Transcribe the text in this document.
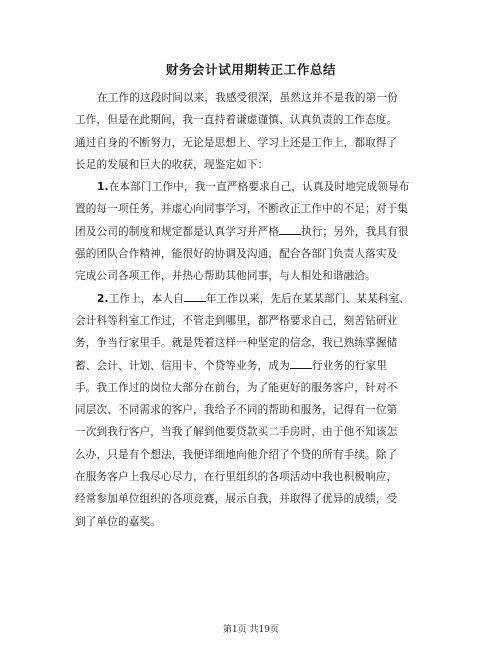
财务会计试用期转正工作总结
在工作的这段时间以来，我感受很深，虽然这并不是我的第一份
工作，但是在此期间，我一直持着谦虚谨慎、认真负责的工作态度。
通过自身的不断努力，无论是思想上、学习上还是工作上，都取得了
长足的发展和巨大的收获，现鉴定如下：
1.在本部门工作中，我一直严格要求自己，认真及时地完成领导布
置的每一项任务，并虚心向同事学习，不断改正工作中的不足；对于集
团及公司的制度和规定都是认真学习并严格 执行；另外，我具有很
强的团队合作精神，能很好的协调及沟通，配合各部门负责人落实及
完成公司各项工作，并热心帮助其他同事，与人相处和谐融洽。
2.工作上，本人自 年工作以来，先后在某某部门、某某科室、
会计科等科室工作过，不管走到哪里，都严格要求自己，刻苦钻研业
务，争当行家里手。就是凭着这样一种坚定的信念，我已熟练掌握储
蓄、会计、计划、信用卡、个贷等业务，成为 行业务的行家里
手。我工作过的岗位大部分在前台，为了能更好的服务客户，针对不
同层次、不同需求的客户，我给予不同的帮助和服务，记得有一位第
一次到我行客户，当我了解到他要贷款买二手房时，由于他不知该怎
么办，只是有个想法，我便详细地向他介绍了个贷的所有手续。除了
在服务客户上我尽心尽力，在行里组织的各项活动中我也积极响应，
经常参加单位组织的各项竞赛，展示自我，并取得了优异的成绩，受
到了单位的嘉奖。
第1页 共19页
